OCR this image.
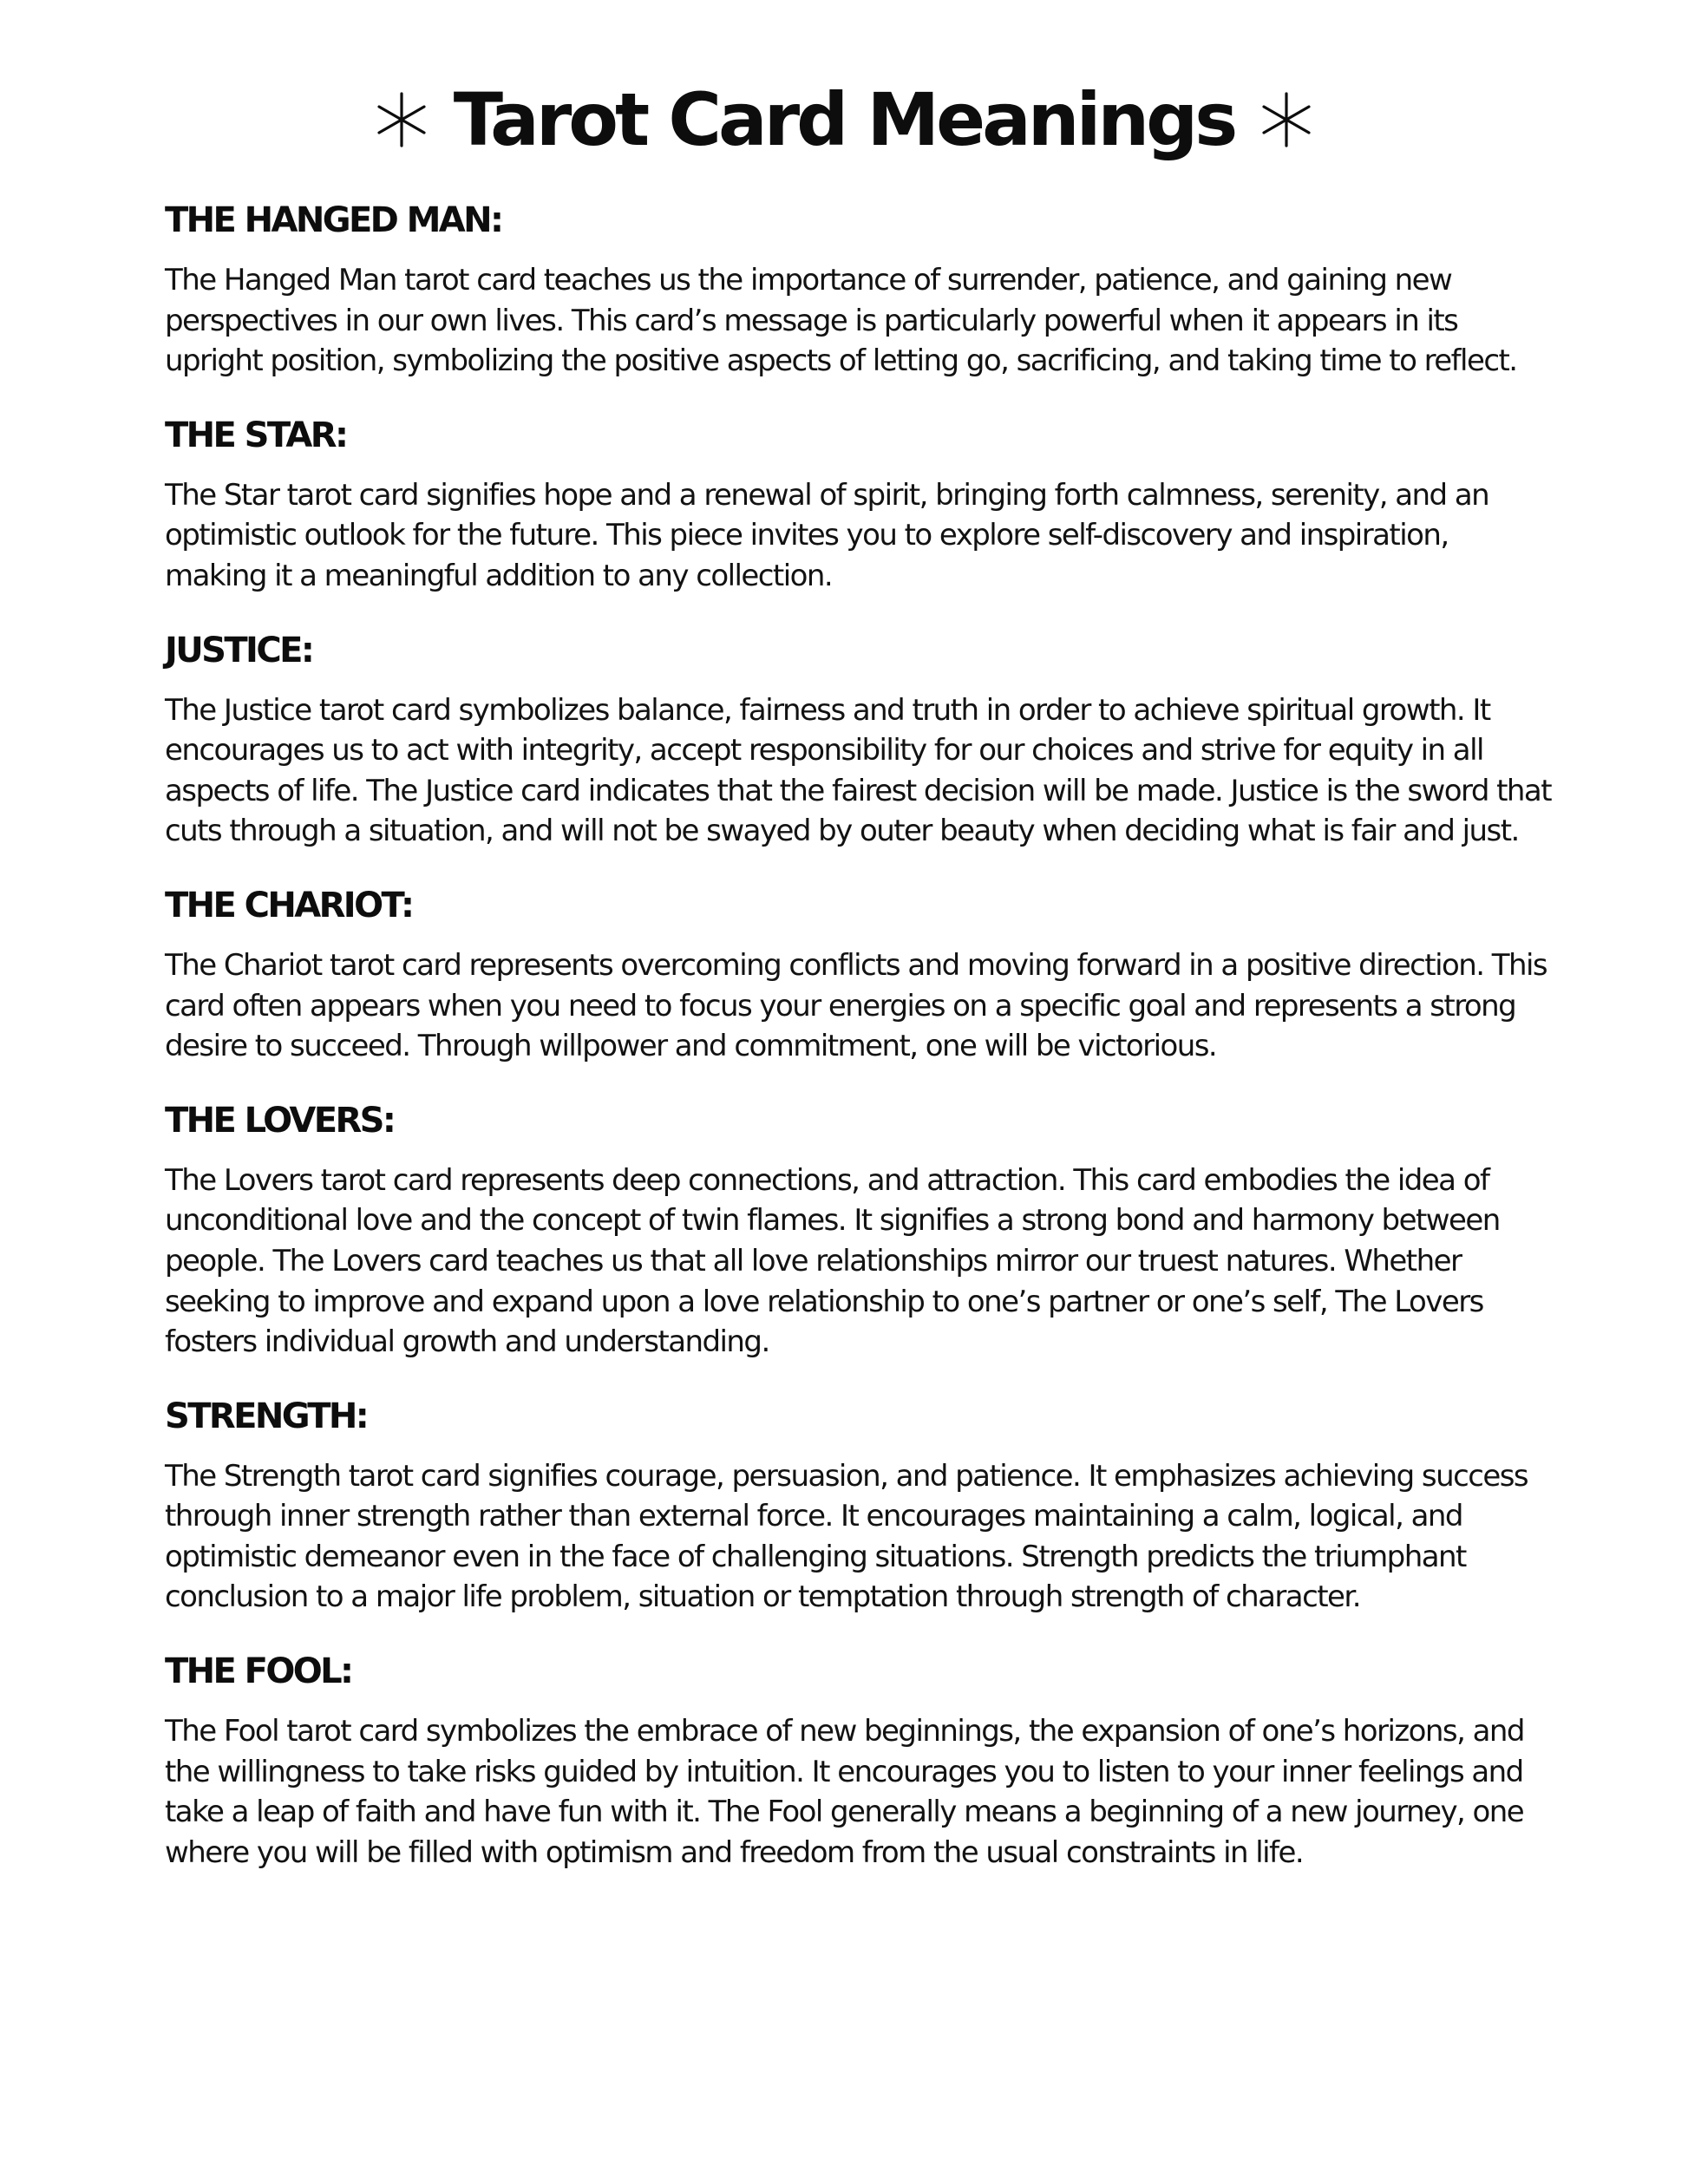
Tarot Card Meanings
THE HANGED MAN:

The Hanged Man tarot card teaches us the importance of surrender, patience, and gaining new perspectives in our own lives. This card’s message is particularly powerful when it appears in its upright position, symbolizing the positive aspects of letting go, sacrificing, and taking time to reflect.

THE STAR:

The Star tarot card signifies hope and a renewal of spirit, bringing forth calmness, serenity, and an optimistic outlook for the future. This piece invites you to explore self-discovery and inspiration, making it a meaningful addition to any collection.

JUSTICE:

The Justice tarot card symbolizes balance, fairness and truth in order to achieve spiritual growth. It encourages us to act with integrity, accept responsibility for our choices and strive for equity in all aspects of life. The Justice card indicates that the fairest decision will be made. Justice is the sword that cuts through a situation, and will not be swayed by outer beauty when deciding what is fair and just.

THE CHARIOT:

The Chariot tarot card represents overcoming conflicts and moving forward in a positive direction. This card often appears when you need to focus your energies on a specific goal and represents a strong desire to succeed. Through willpower and commitment, one will be victorious.

THE LOVERS:

The Lovers tarot card represents deep connections, and attraction. This card embodies the idea of unconditional love and the concept of twin flames. It signifies a strong bond and harmony between people. The Lovers card teaches us that all love relationships mirror our truest natures. Whether seeking to improve and expand upon a love relationship to one’s partner or one’s self, The Lovers fosters individual growth and understanding.

STRENGTH:

The Strength tarot card signifies courage, persuasion, and patience. It emphasizes achieving success through inner strength rather than external force. It encourages maintaining a calm, logical, and optimistic demeanor even in the face of challenging situations. Strength predicts the triumphant conclusion to a major life problem, situation or temptation through strength of character.

THE FOOL:

The Fool tarot card symbolizes the embrace of new beginnings, the expansion of one’s horizons, and the willingness to take risks guided by intuition. It encourages you to listen to your inner feelings and take a leap of faith and have fun with it. The Fool generally means a beginning of a new journey, one where you will be filled with optimism and freedom from the usual constraints in life.
